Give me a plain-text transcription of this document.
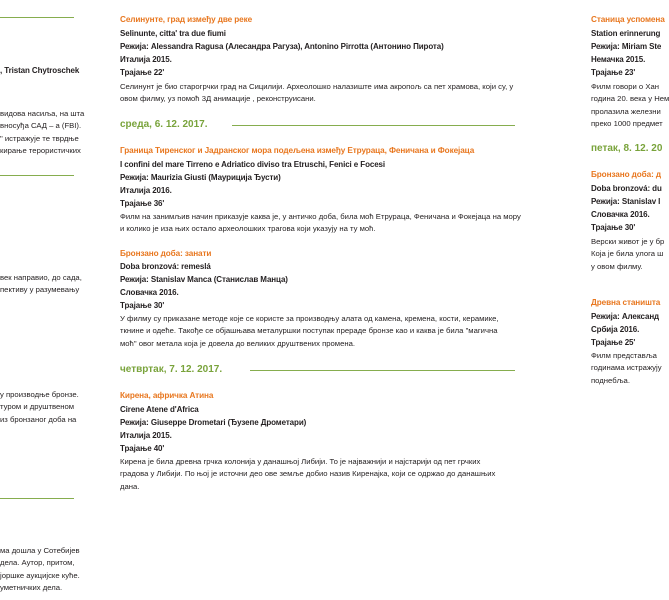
, Tristan Chytroschek
видова насиља, на шта
вносуђа САД – а (FBI).
" истражује те тврдње
кирање терористичких
век направио, до сада,
пективу у разумевању
у производње бронзе.
туром и друштвеном
из бронзаног доба на
ма дошла у Сотебијев
дела. Аутор, притом,
јоршке аукцијске куће.
уметничких дела.
Селинунте, град између две реке
Selinunte, citta' tra due fiumi
Режија: Alessandra Ragusa (Алесандра Рагуза), Antonino Pirrotta (Антонино Пирота)
Италија 2015.
Трајање 22'
Селинунт је био старогрчки град на Сицилији. Археолошко налазиште има акропољ са пет храмова, који су, у
овом филму, уз помоћ 3Д анимације , реконструисани.
среда, 6. 12. 2017.
Граница Тиренског и Јадранског мора подељена између Етрураца, Феничана и Фокејаца
I confini del mare Tirreno e Adriatico diviso tra Etruschi, Fenici e Focesi
Режија: Maurizia Giusti (Мауриција Ђусти)
Италија 2016.
Трајање 36'
Филм на занимљив начин приказује каква је, у античко доба, била моћ Етрураца, Феничана и Фокејаца на мору
и колико је иза њих остало археолошких трагова који указују на ту моћ.
Бронзано доба: занати
Doba bronzová: remeslá
Режија: Stanislav Manca (Станислав Манца)
Словачка 2016.
Трајање 30'
У филму су приказане методе које се користе за производњу алата од камена, кремена, кости, керамике,
ткнине и одеће. Такође се објашњава металуршки поступак прераде бронзе као и каква је била "магична
моћ" овог метала која је довела до великих друштвених промена.
четвртак, 7. 12. 2017.
Кирена, афричка Атина
Cirene Atene d'Africa
Режија: Giuseppe Drometari (Ђузепе Дрометари)
Италија 2015.
Трајање 40'
Кирена је била древна грчка колонија у данашњој Либији. То је најважнији и најстарији од пет грчких
градова у Либији. По њој је источни део ове земље добио назив Киренајка, који се одржао до данашњих
дана.
Станица успомена
Station erinnerung
Режија: Miriam Ste
Немачка 2015.
Трајање 23'
Филм говори о Хан
година 20. века у Нем
пролазила железни
преко 1000 предмет
петак, 8. 12. 20
Бронзано доба: д
Doba bronzová: du
Режија: Stanislav I
Словачка 2016.
Трајање 30'
Верски живот је у бр
Која је била улога ш
у овом филму.
Древна станишта
Режија: Александ
Србија 2016.
Трајање 25'
Филм представља
годинама истражују
поднебља.
